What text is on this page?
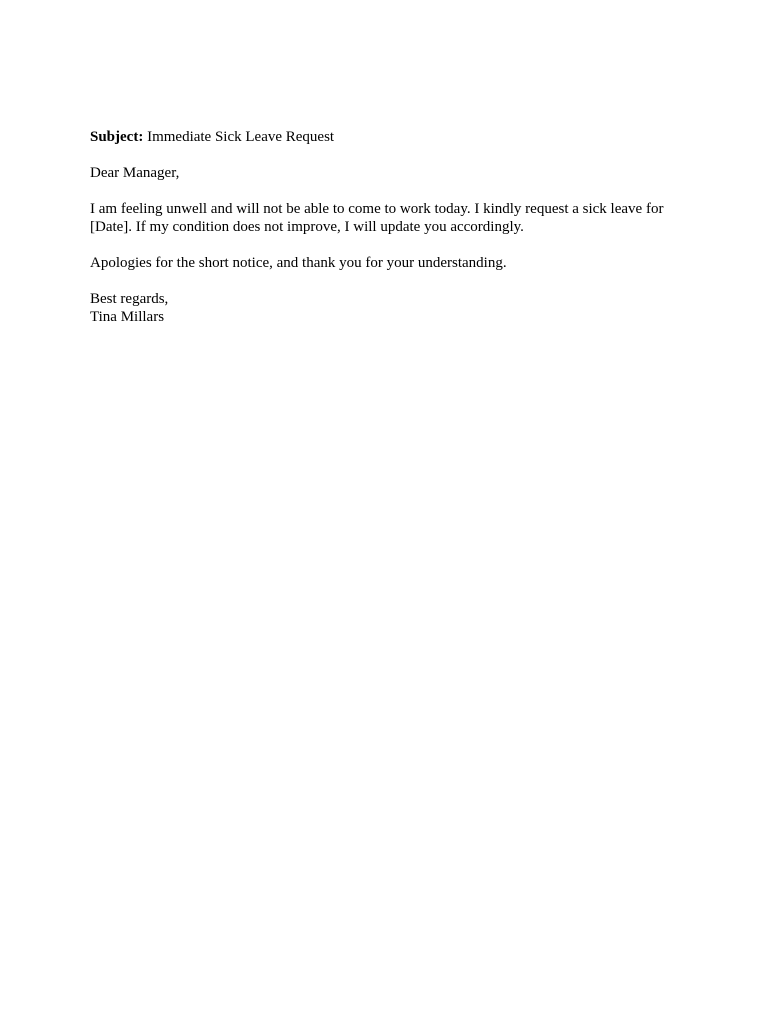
Subject: Immediate Sick Leave Request

Dear Manager,

I am feeling unwell and will not be able to come to work today. I kindly request a sick leave for
[Date]. If my condition does not improve, I will update you accordingly.

Apologies for the short notice, and thank you for your understanding.

Best regards,
Tina Millars
